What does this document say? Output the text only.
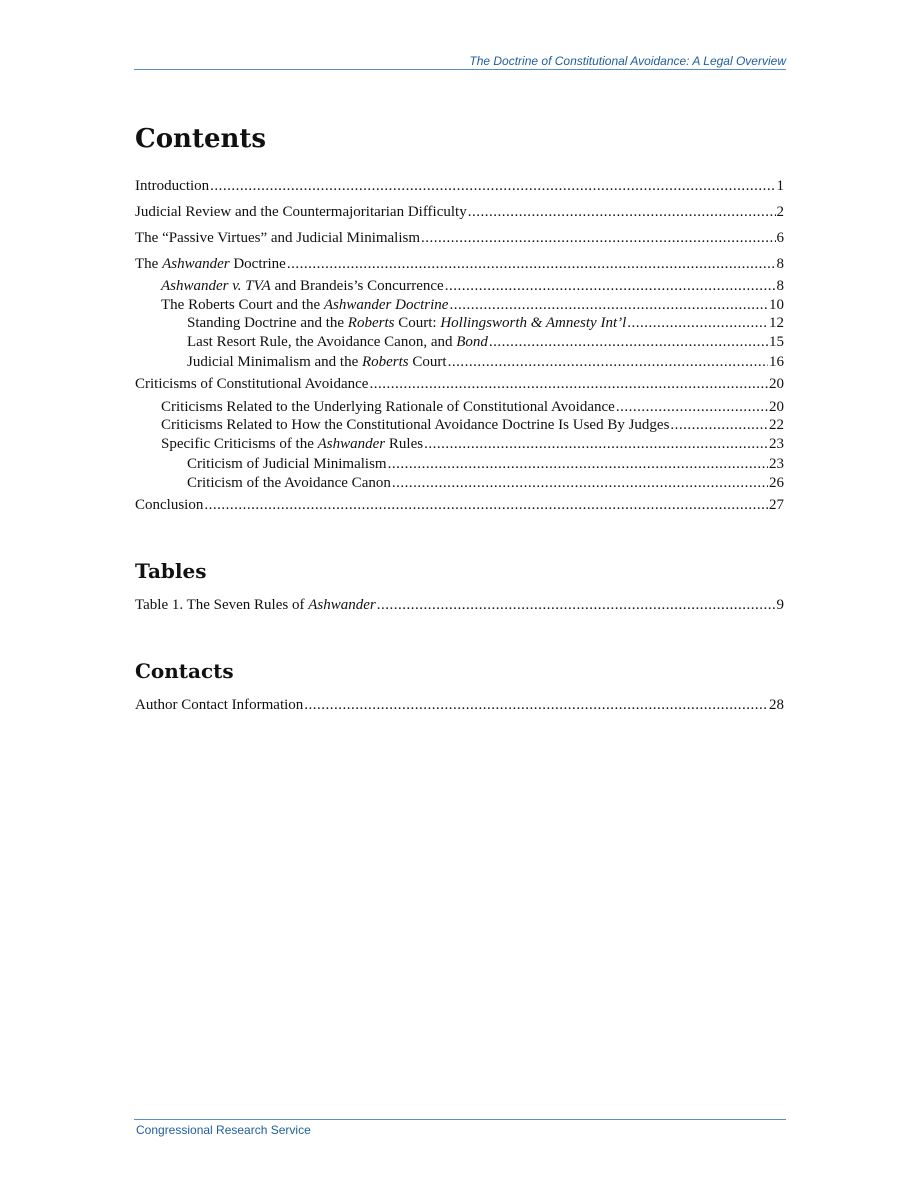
The Doctrine of Constitutional Avoidance: A Legal Overview
Contents
Introduction .....	1
Judicial Review and the Countermajoritarian Difficulty .....	2
The “Passive Virtues” and Judicial Minimalism .....	6
The Ashwander Doctrine .....	8
Ashwander v. TVA and Brandeis’s Concurrence .....	8
The Roberts Court and the Ashwander Doctrine .....	10
Standing Doctrine and the Roberts Court: Hollingsworth & Amnesty Int’l .....	12
Last Resort Rule, the Avoidance Canon, and Bond .....	15
Judicial Minimalism and the Roberts Court .....	16
Criticisms of Constitutional Avoidance .....	20
Criticisms Related to the Underlying Rationale of Constitutional Avoidance .....	20
Criticisms Related to How the Constitutional Avoidance Doctrine Is Used By Judges .....	22
Specific Criticisms of the Ashwander Rules .....	23
Criticism of Judicial Minimalism .....	23
Criticism of the Avoidance Canon .....	26
Conclusion .....	27
Tables
Table 1. The Seven Rules of Ashwander .....	9
Contacts
Author Contact Information .....	28
Congressional Research Service
